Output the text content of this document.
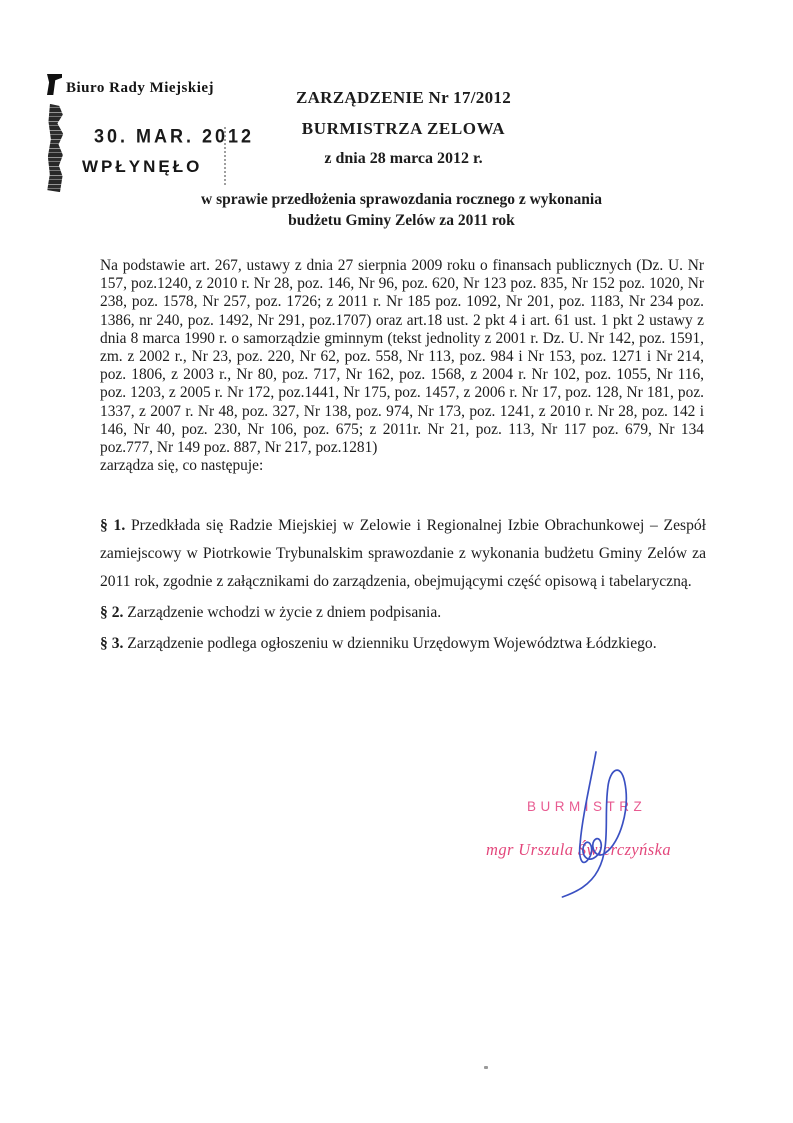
Biuro Rady Miejskiej
30. MAR. 2012
WPŁYNĘŁO
ZARZĄDZENIE Nr 17/2012
BURMISTRZA ZELOWA
z dnia 28 marca 2012 r.
w sprawie przedłożenia sprawozdania rocznego z wykonania
budżetu Gminy Zelów za 2011 rok
Na podstawie art. 267, ustawy z dnia 27 sierpnia 2009 roku o finansach publicznych (Dz. U. Nr 157, poz.1240, z 2010 r. Nr 28, poz. 146, Nr 96, poz. 620, Nr 123 poz. 835, Nr 152 poz. 1020, Nr 238, poz. 1578, Nr 257, poz. 1726; z 2011 r. Nr 185 poz. 1092, Nr 201, poz. 1183, Nr 234 poz. 1386, nr 240, poz. 1492, Nr 291, poz.1707) oraz art.18 ust. 2 pkt 4 i art. 61 ust. 1 pkt 2 ustawy z dnia 8 marca 1990 r. o samorządzie gminnym (tekst jednolity z 2001 r. Dz. U. Nr 142, poz. 1591, zm. z 2002 r., Nr 23, poz. 220, Nr 62, poz. 558, Nr 113, poz. 984 i Nr 153, poz. 1271 i Nr 214, poz. 1806, z 2003 r., Nr 80, poz. 717, Nr 162, poz. 1568, z 2004 r. Nr 102, poz. 1055, Nr 116, poz. 1203, z 2005 r. Nr 172, poz.1441, Nr 175, poz. 1457, z 2006 r. Nr 17, poz. 128, Nr 181, poz. 1337, z 2007 r. Nr 48, poz. 327, Nr 138, poz. 974, Nr 173, poz. 1241, z 2010 r. Nr 28, poz. 142 i 146, Nr 40, poz. 230, Nr 106, poz. 675; z 2011r. Nr 21, poz. 113, Nr 117 poz. 679, Nr 134 poz.777, Nr 149 poz. 887, Nr 217, poz.1281)
zarządza się, co następuje:
§ 1. Przedkłada się Radzie Miejskiej w Zelowie i Regionalnej Izbie Obrachunkowej – Zespół zamiejscowy w Piotrkowie Trybunalskim sprawozdanie z wykonania budżetu Gminy Zelów za 2011 rok, zgodnie z załącznikami do zarządzenia, obejmującymi część opisową i tabelaryczną.
§ 2. Zarządzenie wchodzi w życie z dniem podpisania.
§ 3. Zarządzenie podlega ogłoszeniu w dzienniku Urzędowym Województwa Łódzkiego.
BURMISTRZ
mgr Urszula Świerczyńska
